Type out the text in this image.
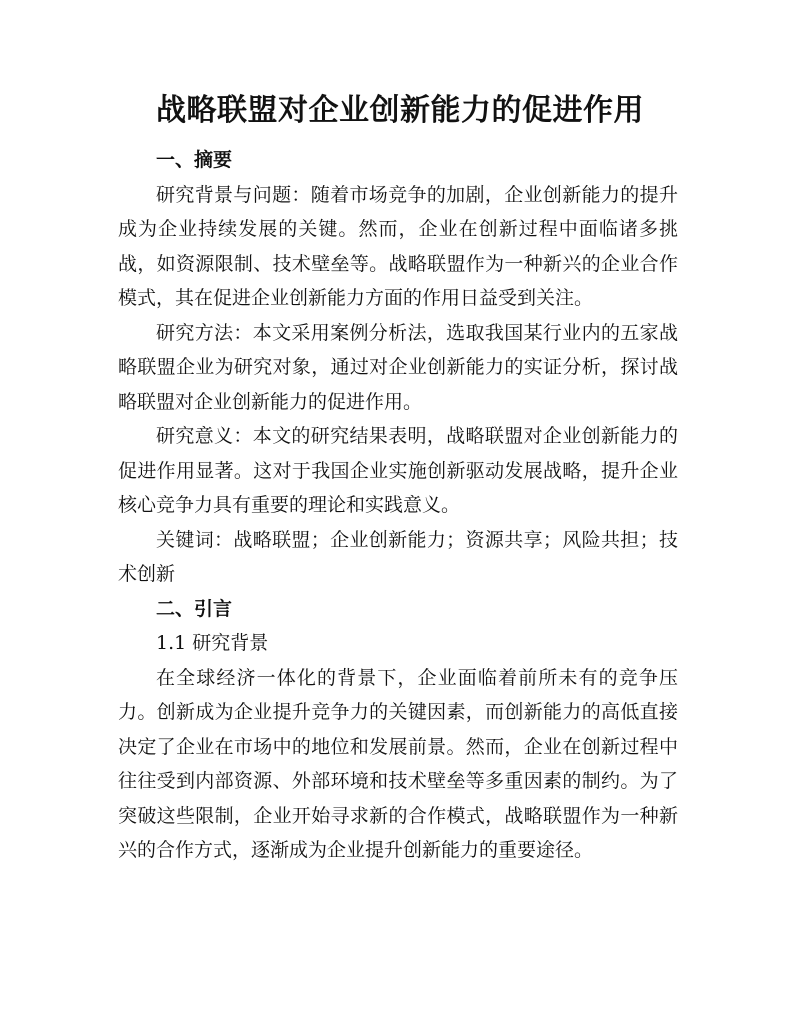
战略联盟对企业创新能力的促进作用

一、摘要

研究背景与问题：随着市场竞争的加剧，企业创新能力的提升成为企业持续发展的关键。然而，企业在创新过程中面临诸多挑战，如资源限制、技术壁垒等。战略联盟作为一种新兴的企业合作模式，其在促进企业创新能力方面的作用日益受到关注。

研究方法：本文采用案例分析法，选取我国某行业内的五家战略联盟企业为研究对象，通过对企业创新能力的实证分析，探讨战略联盟对企业创新能力的促进作用。

研究意义：本文的研究结果表明，战略联盟对企业创新能力的促进作用显著。这对于我国企业实施创新驱动发展战略，提升企业核心竞争力具有重要的理论和实践意义。

关键词：战略联盟；企业创新能力；资源共享；风险共担；技术创新

二、引言

1.1 研究背景

在全球经济一体化的背景下，企业面临着前所未有的竞争压力。创新成为企业提升竞争力的关键因素，而创新能力的高低直接决定了企业在市场中的地位和发展前景。然而，企业在创新过程中往往受到内部资源、外部环境和技术壁垒等多重因素的制约。为了突破这些限制，企业开始寻求新的合作模式，战略联盟作为一种新兴的合作方式，逐渐成为企业提升创新能力的重要途径。
